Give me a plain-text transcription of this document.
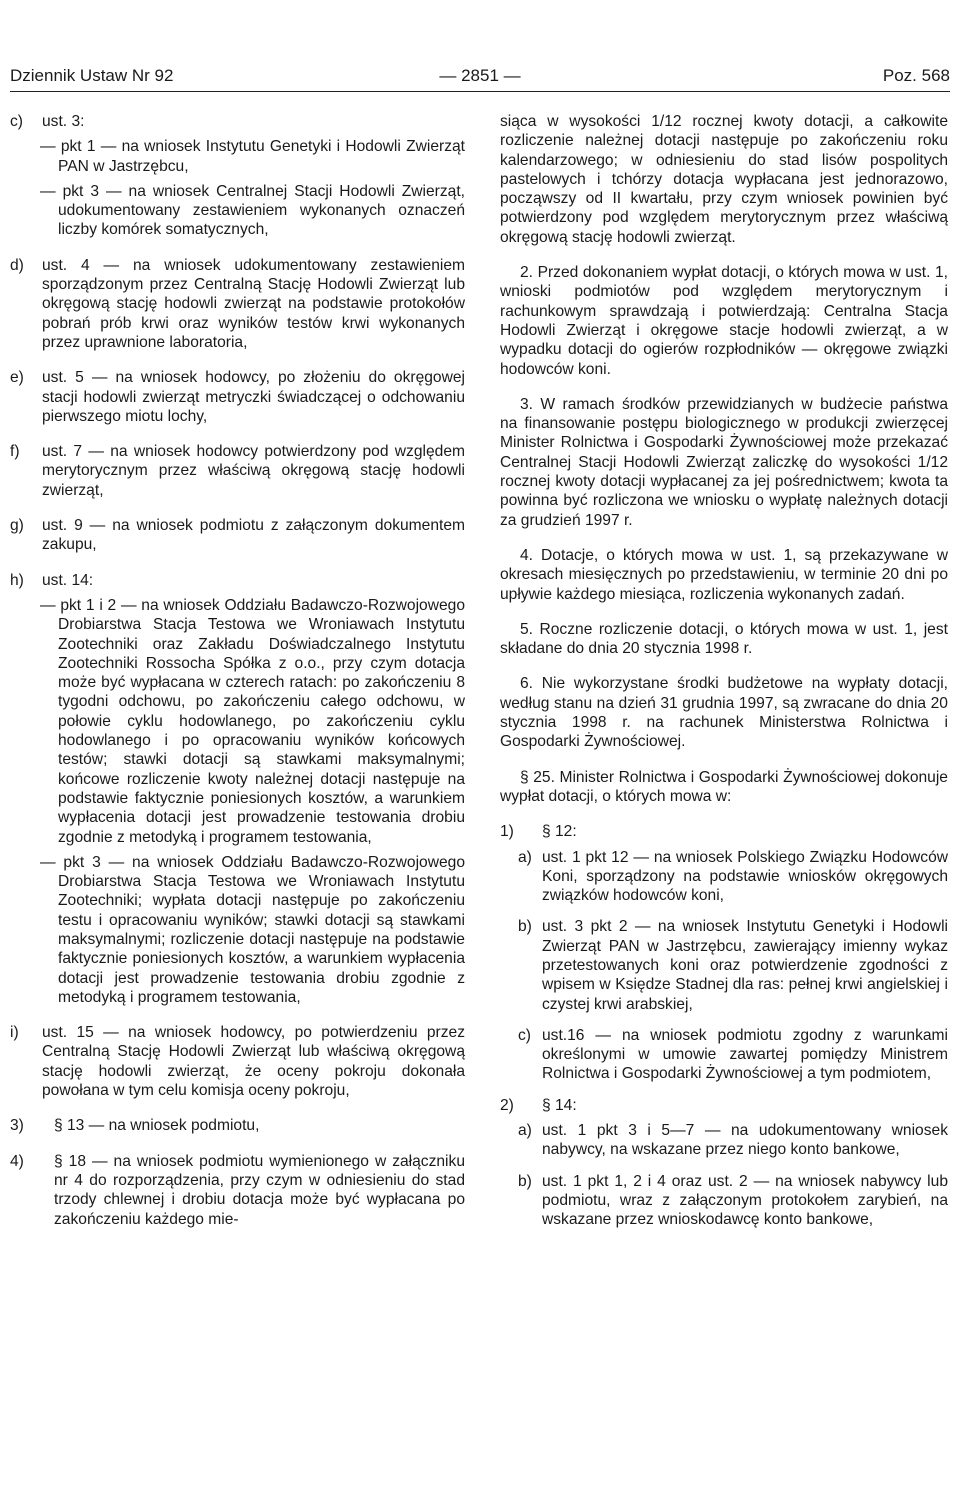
Dziennik Ustaw Nr 92	— 2851 —	Poz. 568
c) ust. 3:
— pkt 1 — na wniosek Instytutu Genetyki i Hodowli Zwierząt PAN w Jastrzębcu,
— pkt 3 — na wniosek Centralnej Stacji Hodowli Zwierząt, udokumentowany zestawieniem wykonanych oznaczeń liczby komórek somatycznych,
d) ust. 4 — na wniosek udokumentowany zestawieniem sporządzonym przez Centralną Stację Hodowli Zwierząt lub okręgową stację hodowli zwierząt na podstawie protokołów pobrań prób krwi oraz wyników testów krwi wykonanych przez uprawnione laboratoria,
e) ust. 5 — na wniosek hodowcy, po złożeniu do okręgowej stacji hodowli zwierząt metryczki świadczącej o odchowaniu pierwszego miotu lochy,
f) ust. 7 — na wniosek hodowcy potwierdzony pod względem merytorycznym przez właściwą okręgową stację hodowli zwierząt,
g) ust. 9 — na wniosek podmiotu z załączonym dokumentem zakupu,
h) ust. 14:
— pkt 1 i 2 — na wniosek Oddziału Badawczo-Rozwojowego Drobiarstwa Stacja Testowa we Wroniawach Instytutu Zootechniki oraz Zakładu Doświadczalnego Instytutu Zootechniki Rossocha Spółka z o.o., przy czym dotacja może być wypłacana w czterech ratach: po zakończeniu 8 tygodni odchowu, po zakończeniu całego odchowu, w połowie cyklu hodowlanego, po zakończeniu cyklu hodowlanego i po opracowaniu wyników końcowych testów; stawki dotacji są stawkami maksymalnymi; końcowe rozliczenie kwoty należnej dotacji następuje na podstawie faktycznie poniesionych kosztów, a warunkiem wypłacenia dotacji jest prowadzenie testowania drobiu zgodnie z metodyką i programem testowania,
— pkt 3 — na wniosek Oddziału Badawczo-Rozwojowego Drobiarstwa Stacja Testowa we Wroniawach Instytutu Zootechniki; wypłata dotacji następuje po zakończeniu testu i opracowaniu wyników; stawki dotacji są stawkami maksymalnymi; rozliczenie dotacji następuje na podstawie faktycznie poniesionych kosztów, a warunkiem wypłacenia dotacji jest prowadzenie testowania drobiu zgodnie z metodyką i programem testowania,
i) ust. 15 — na wniosek hodowcy, po potwierdzeniu przez Centralną Stację Hodowli Zwierząt lub właściwą okręgową stację hodowli zwierząt, że oceny pokroju dokonała powołana w tym celu komisja oceny pokroju,
3) § 13 — na wniosek podmiotu,
4) § 18 — na wniosek podmiotu wymienionego w załączniku nr 4 do rozporządzenia, przy czym w odniesieniu do stad trzody chlewnej i drobiu dotacja może być wypłacana po zakończeniu każdego mie-
siąca w wysokości 1/12 rocznej kwoty dotacji, a całkowite rozliczenie należnej dotacji następuje po zakończeniu roku kalendarzowego; w odniesieniu do stad lisów pospolitych pastelowych i tchórzy dotacja wypłacana jest jednorazowo, począwszy od II kwartału, przy czym wniosek powinien być potwierdzony pod względem merytorycznym przez właściwą okręgową stację hodowli zwierząt.
2. Przed dokonaniem wypłat dotacji, o których mowa w ust. 1, wnioski podmiotów pod względem merytorycznym i rachunkowym sprawdzają i potwierdzają: Centralna Stacja Hodowli Zwierząt i okręgowe stacje hodowli zwierząt, a w wypadku dotacji do ogierów rozpłodników — okręgowe związki hodowców koni.
3. W ramach środków przewidzianych w budżecie państwa na finansowanie postępu biologicznego w produkcji zwierzęcej Minister Rolnictwa i Gospodarki Żywnościowej może przekazać Centralnej Stacji Hodowli Zwierząt zaliczkę do wysokości 1/12 rocznej kwoty dotacji wypłacanej za jej pośrednictwem; kwota ta powinna być rozliczona we wniosku o wypłatę należnych dotacji za grudzień 1997 r.
4. Dotacje, o których mowa w ust. 1, są przekazywane w okresach miesięcznych po przedstawieniu, w terminie 20 dni po upływie każdego miesiąca, rozliczenia wykonanych zadań.
5. Roczne rozliczenie dotacji, o których mowa w ust. 1, jest składane do dnia 20 stycznia 1998 r.
6. Nie wykorzystane środki budżetowe na wypłaty dotacji, według stanu na dzień 31 grudnia 1997, są zwracane do dnia 20 stycznia 1998 r. na rachunek Ministerstwa Rolnictwa i Gospodarki Żywnościowej.
§ 25. Minister Rolnictwa i Gospodarki Żywnościowej dokonuje wypłat dotacji, o których mowa w:
1) § 12:
a) ust. 1 pkt 12 — na wniosek Polskiego Związku Hodowców Koni, sporządzony na podstawie wniosków okręgowych związków hodowców koni,
b) ust. 3 pkt 2 — na wniosek Instytutu Genetyki i Hodowli Zwierząt PAN w Jastrzębcu, zawierający imienny wykaz przetestowanych koni oraz potwierdzenie zgodności z wpisem w Księdze Stadnej dla ras: pełnej krwi angielskiej i czystej krwi arabskiej,
c) ust.16 — na wniosek podmiotu zgodny z warunkami określonymi w umowie zawartej pomiędzy Ministrem Rolnictwa i Gospodarki Żywnościowej a tym podmiotem,
2) § 14:
a) ust. 1 pkt 3 i 5—7 — na udokumentowany wniosek nabywcy, na wskazane przez niego konto bankowe,
b) ust. 1 pkt 1, 2 i 4 oraz ust. 2 — na wniosek nabywcy lub podmiotu, wraz z załączonym protokołem zarybień, na wskazane przez wnioskodawcę konto bankowe,
